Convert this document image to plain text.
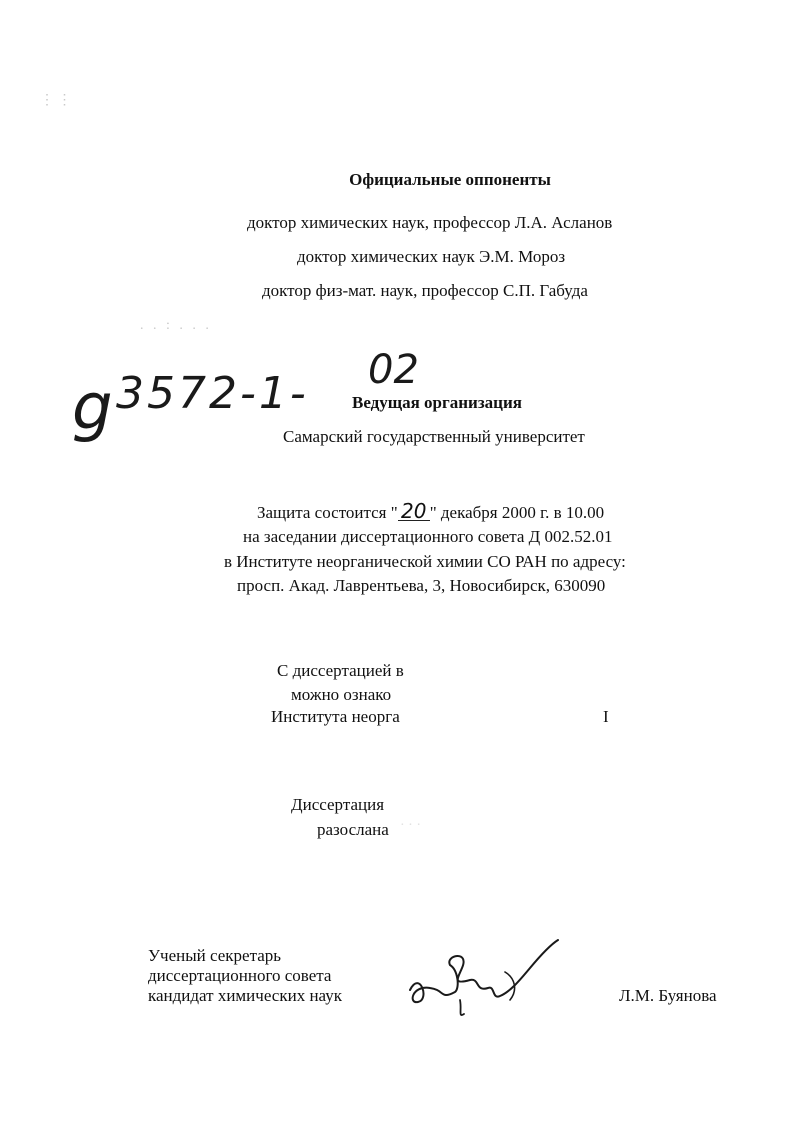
⋮ ⋮
Официальные оппоненты
доктор химических наук, профессор Л.А. Асланов
доктор химических наук Э.М. Мороз
доктор физ-мат. наук, профессор С.П. Габуда
. . : . . .
g 3572-1- 02
Ведущая организация
Самарский государственный университет
Защита состоится " 20 " декабря 2000 г. в 10.00
на заседании диссертационного совета Д 002.52.01
в Институте неорганической химии СО РАН по адресу:
просп. Акад. Лаврентьева, 3, Новосибирск, 630090
С диссертацией в
можно ознако
Института неорга	I
Диссертация
разослана · · ·
Ученый секретарь
диссертационного совета
кандидат химических наук	Л.М. Буянова
